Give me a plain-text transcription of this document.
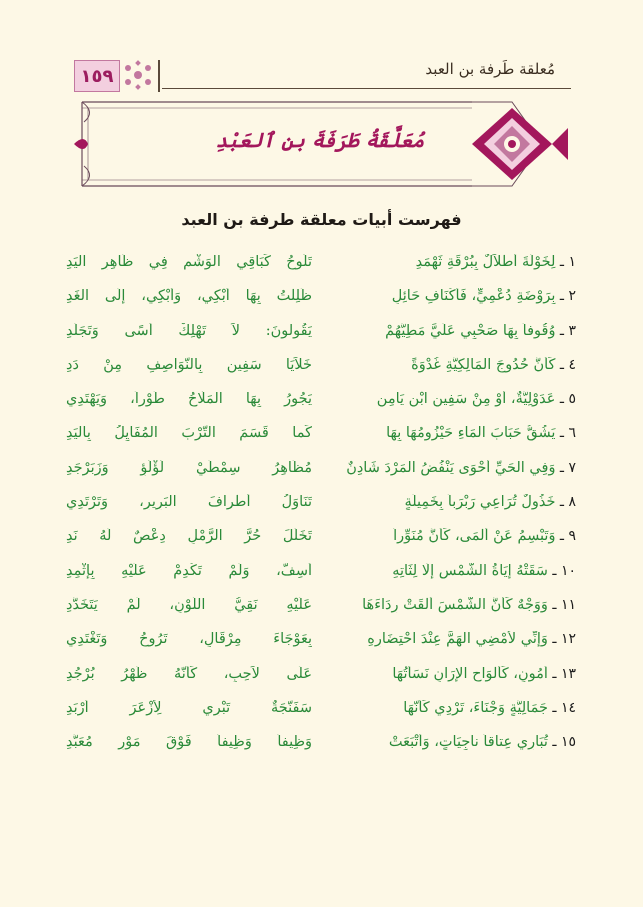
مُعلقة طَرفة بن العبد
١٥٩
مُعَلَّقَةُ طَرَفَةَ بنِ ٱلعَبْدِ
فهرست أبيات معلقة طرفة بن العبد
١ ـ لِخَوْلَةَ أَطْلاَلٌ بِبُرْقَةِ ثَهْمَدِ
تَلُوحُ كَبَاقِي الوَشْمِ فِي ظَاهِرِ اليَدِ
٢ ـ بِرَوْضَةِ دُعْمِيٍّ، فَأَكْنَافِ حَائِلِ
ظَلِلْتُ بِهَا أَبْكِي، وَأُبْكِي، إِلَى الغَدِ
٣ ـ وُقُوفاً بِهَا صَحْبِي عَلَيَّ مَطِيَّهُمْ
يَقُولونَ: لاَ تَهْلِكْ أَسًى وَتَجَلَّدِ
٤ ـ كَأَنَّ حُدُوجَ المَالِكِيَّةِ غُدْوَةً
خَلاَيَا سَفِينٍ بِالنَّوَاصِفِ مِنْ دَدِ
٥ ـ عَدَوْلِيَّةٌ، أَوْ مِنْ سَفِينِ ابْنِ يَامِنٍ
يَجُورُ بِهَا المَلَّاحُ طَوْراً، وَيَهْتَدِي
٦ ـ يَشُقُّ حَبَابَ المَاءِ حَيْزُومُهَا بِهَا
كَما قَسَمَ التُّرْبَ المُفَايِلُ بِاليَدِ
٧ ـ وَفِي الحَيِّ أَحْوَى يَنْفُضُ المَرْدَ شَادِنٌ
مُظَاهِرُ سِمْطَيْ لُؤْلُؤٍ وَزَبَرْجَدِ
٨ ـ خَذُولٌ تُرَاعِي رَبْرَباً بِخَمِيلَةٍ
تَنَاوَلُ أَطْرافَ البَرِيرِ، وَتَرْتَدِي
٩ ـ وَتَبْسِمُ عَنْ أَلْمَى، كَأَنَّ مُنَوِّراً
تَخَلَّلَ حُرَّ الرَّمْلِ دِعْصٌ لَهُ نَدِ
١٠ ـ سَقَتْهُ إِيَاةُ الشَّمْسِ إِلَّا لِثَاتِهِ
أُسِفَّ، وَلَمْ تَكْدِمْ عَلَيْهِ بِإِثْمِدِ
١١ ـ وَوَجْهٌ كَأَنَّ الشَّمْسَ أَلْقَتْ رِدَاءَهَا
عَلَيْهِ نَقِيُّ اللَّوْنِ، لَمْ يَتَخَدَّدِ
١٢ ـ وَإِنِّي لأُمْضِي الهَمَّ عِنْدَ احْتِضَارِهِ
بِعَوْجَاءَ مِرْقَالٍ، تَرُوحُ وَتَغْتَدِي
١٣ ـ أَمُونٍ، كَأَلْوَاحِ الإِرَانِ نَسَأْتُهَا
عَلَى لاَحِبٍ، كَأَنَّهُ ظَهْرُ بُرْجُدِ
١٤ ـ جَمَالِيَّةٍ وَجْنَاءَ، تَرْدِي كَأَنَّهَا
سَفَنَّجَةٌ تَبْرِي لِأَزْعَرَ أَرْبَدِ
١٥ ـ تُبَارِي عِتاقاً ناجِيَاتٍ، وَأَتْبَعَتْ
وَظِيفاً وَظِيفاً فَوْقَ مَوْرٍ مُعَبَّدِ
